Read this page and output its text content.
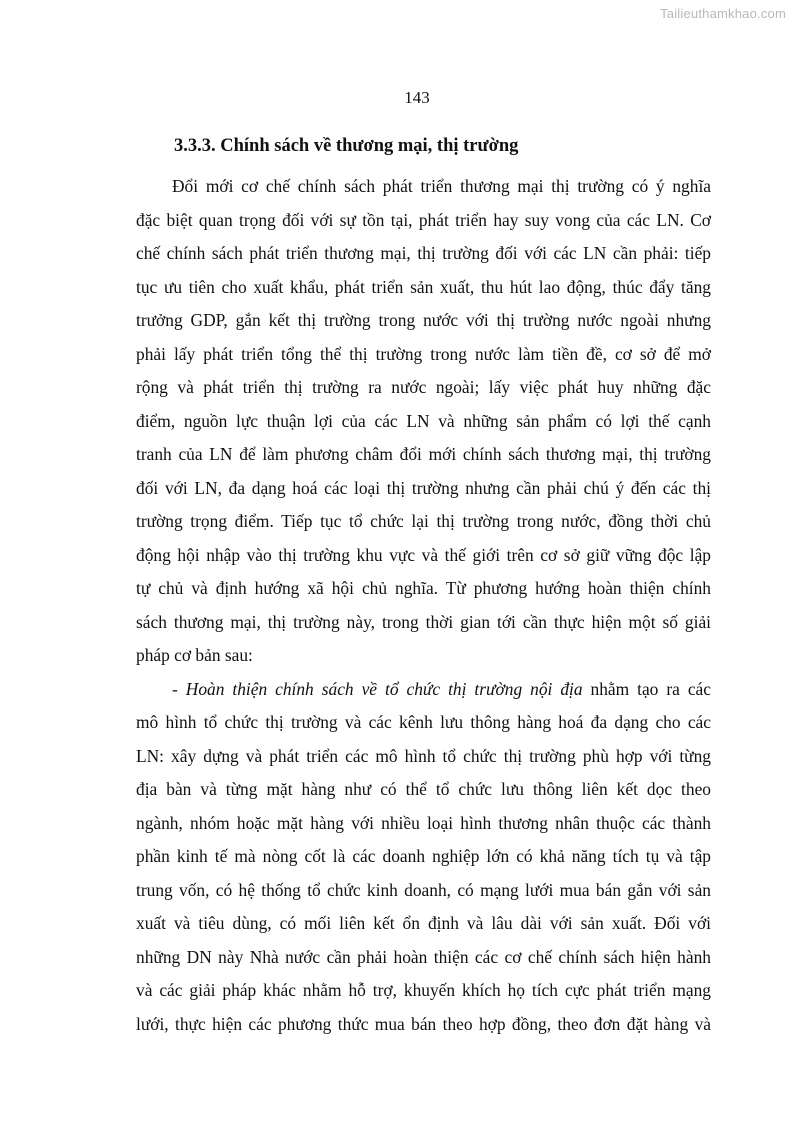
Tailieuthamkhao.com
143
3.3.3. Chính sách về thương mại, thị trường
Đổi mới cơ chế chính sách phát triển thương mại thị trường có ý nghĩa
đặc biệt quan trọng đối với sự tồn tại, phát triển hay suy vong của các LN. Cơ
chế chính sách phát triển thương mại, thị trường đối với các LN cần phải: tiếp
tục ưu tiên cho xuất khẩu, phát triển sản xuất, thu hút lao động, thúc đẩy tăng
trưởng GDP, gắn kết thị trường trong nước với thị trường nước ngoài nhưng
phải lấy phát triển tổng thể thị trường trong nước làm tiền đề, cơ sở để mở
rộng và phát triển thị trường ra nước ngoài; lấy việc phát huy những đặc
điểm, nguồn lực thuận lợi của các LN và những sản phẩm có lợi thế cạnh
tranh của LN để làm phương châm đổi mới chính sách thương mại, thị trường
đối với LN, đa dạng hoá các loại thị trường nhưng cần phải chú ý đến các thị
trường trọng điểm. Tiếp tục tổ chức lại thị trường trong nước, đồng thời chủ
động hội nhập vào thị trường khu vực và thế giới trên cơ sở giữ vững độc lập
tự chủ và định hướng xã hội chủ nghĩa. Từ phương hướng hoàn thiện chính
sách thương mại, thị trường này, trong thời gian tới cần thực hiện một số giải
pháp cơ bản sau:
- Hoàn thiện chính sách về tổ chức thị trường nội địa nhằm tạo ra các
mô hình tổ chức thị trường và các kênh lưu thông hàng hoá đa dạng cho các
LN: xây dựng và phát triển các mô hình tổ chức thị trường phù hợp với từng
địa bàn và từng mặt hàng như có thể tổ chức lưu thông liên kết dọc theo
ngành, nhóm hoặc mặt hàng với nhiều loại hình thương nhân thuộc các thành
phần kinh tế mà nòng cốt là các doanh nghiệp lớn có khả năng tích tụ và tập
trung vốn, có hệ thống tổ chức kinh doanh, có mạng lưới mua bán gắn với sản
xuất và tiêu dùng, có mối liên kết ổn định và lâu dài với sản xuất. Đối với
những DN này Nhà nước cần phải hoàn thiện các cơ chế chính sách hiện hành
và các giải pháp khác nhằm hỗ trợ, khuyến khích họ tích cực phát triển mạng
lưới, thực hiện các phương thức mua bán theo hợp đồng, theo đơn đặt hàng và
